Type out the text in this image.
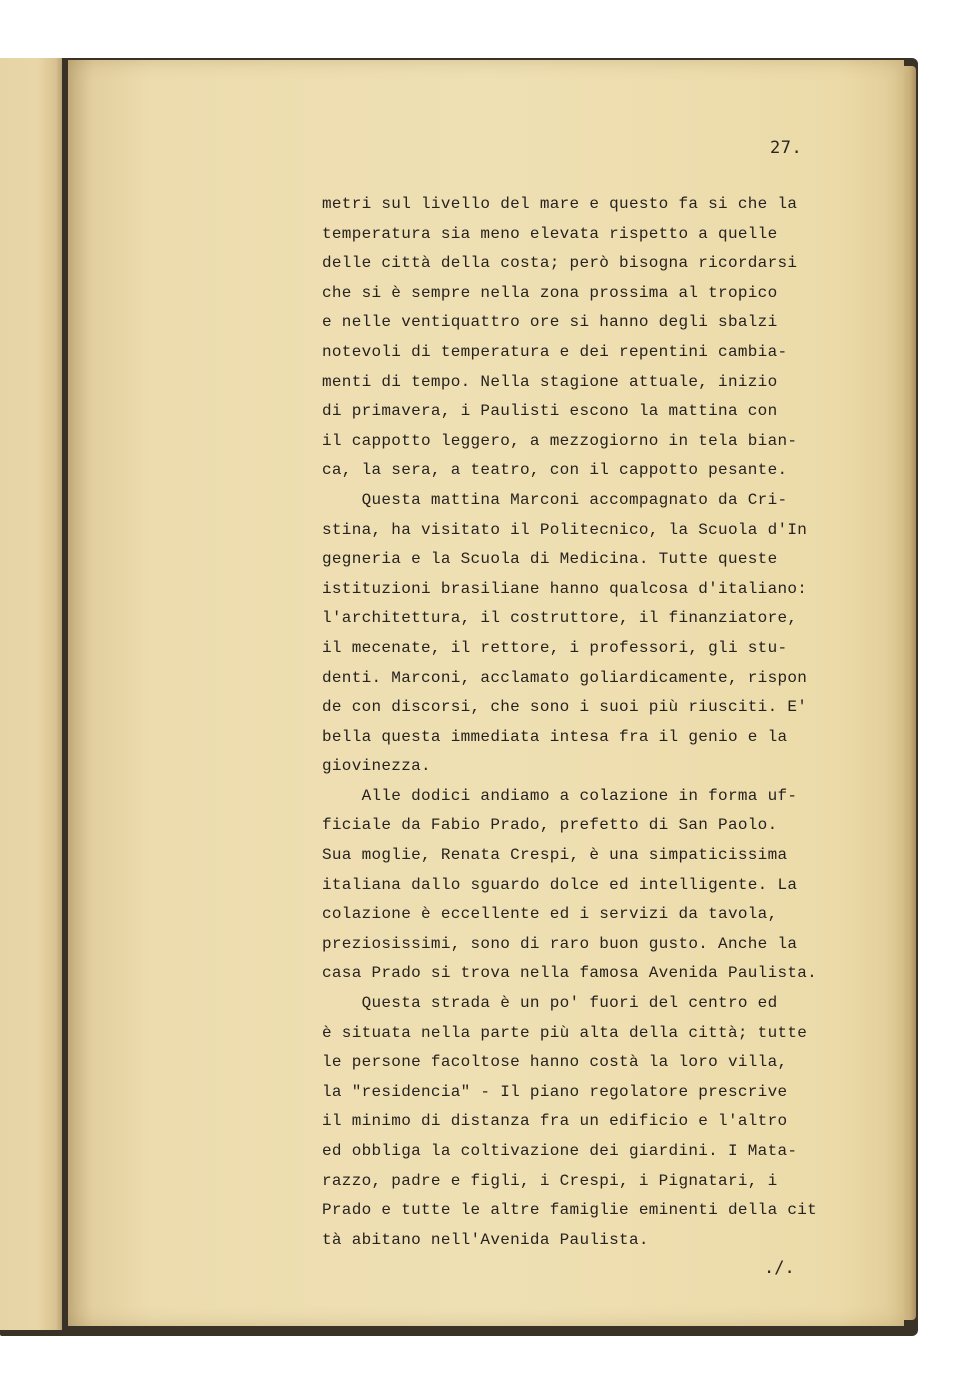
27.
metri sul livello del mare e questo fa si che la
temperatura sia meno elevata rispetto a quelle
delle città della costa; però bisogna ricordarsi
che si è sempre nella zona prossima al tropico
e nelle ventiquattro ore si hanno degli sbalzi
notevoli di temperatura e dei repentini cambia-
menti di tempo. Nella stagione attuale, inizio
di primavera, i Paulisti escono la mattina con
il cappotto leggero, a mezzogiorno in tela bian-
ca, la sera, a teatro, con il cappotto pesante.
Questa mattina Marconi accompagnato da Cri-
stina, ha visitato il Politecnico, la Scuola d'In
gegneria e la Scuola di Medicina. Tutte queste
istituzioni brasiliane hanno qualcosa d'italiano:
l'architettura, il costruttore, il finanziatore,
il mecenate, il rettore, i professori, gli stu-
denti. Marconi, acclamato goliardicamente, rispon
de con discorsi, che sono i suoi più riusciti. E'
bella questa immediata intesa fra il genio e la
giovinezza.
Alle dodici andiamo a colazione in forma uf-
ficiale da Fabio Prado, prefetto di San Paolo.
Sua moglie, Renata Crespi, è una simpaticissima
italiana dallo sguardo dolce ed intelligente. La
colazione è eccellente ed i servizi da tavola,
preziosissimi, sono di raro buon gusto. Anche la
casa Prado si trova nella famosa Avenida Paulista.
Questa strada è un po' fuori del centro ed
è situata nella parte più alta della città; tutte
le persone facoltose hanno costà la loro villa,
la "residencia" - Il piano regolatore prescrive
il minimo di distanza fra un edificio e l'altro
ed obbliga la coltivazione dei giardini. I Mata-
razzo, padre e figli, i Crespi, i Pignatari, i
Prado e tutte le altre famiglie eminenti della cit
tà abitano nell'Avenida Paulista.
./.
